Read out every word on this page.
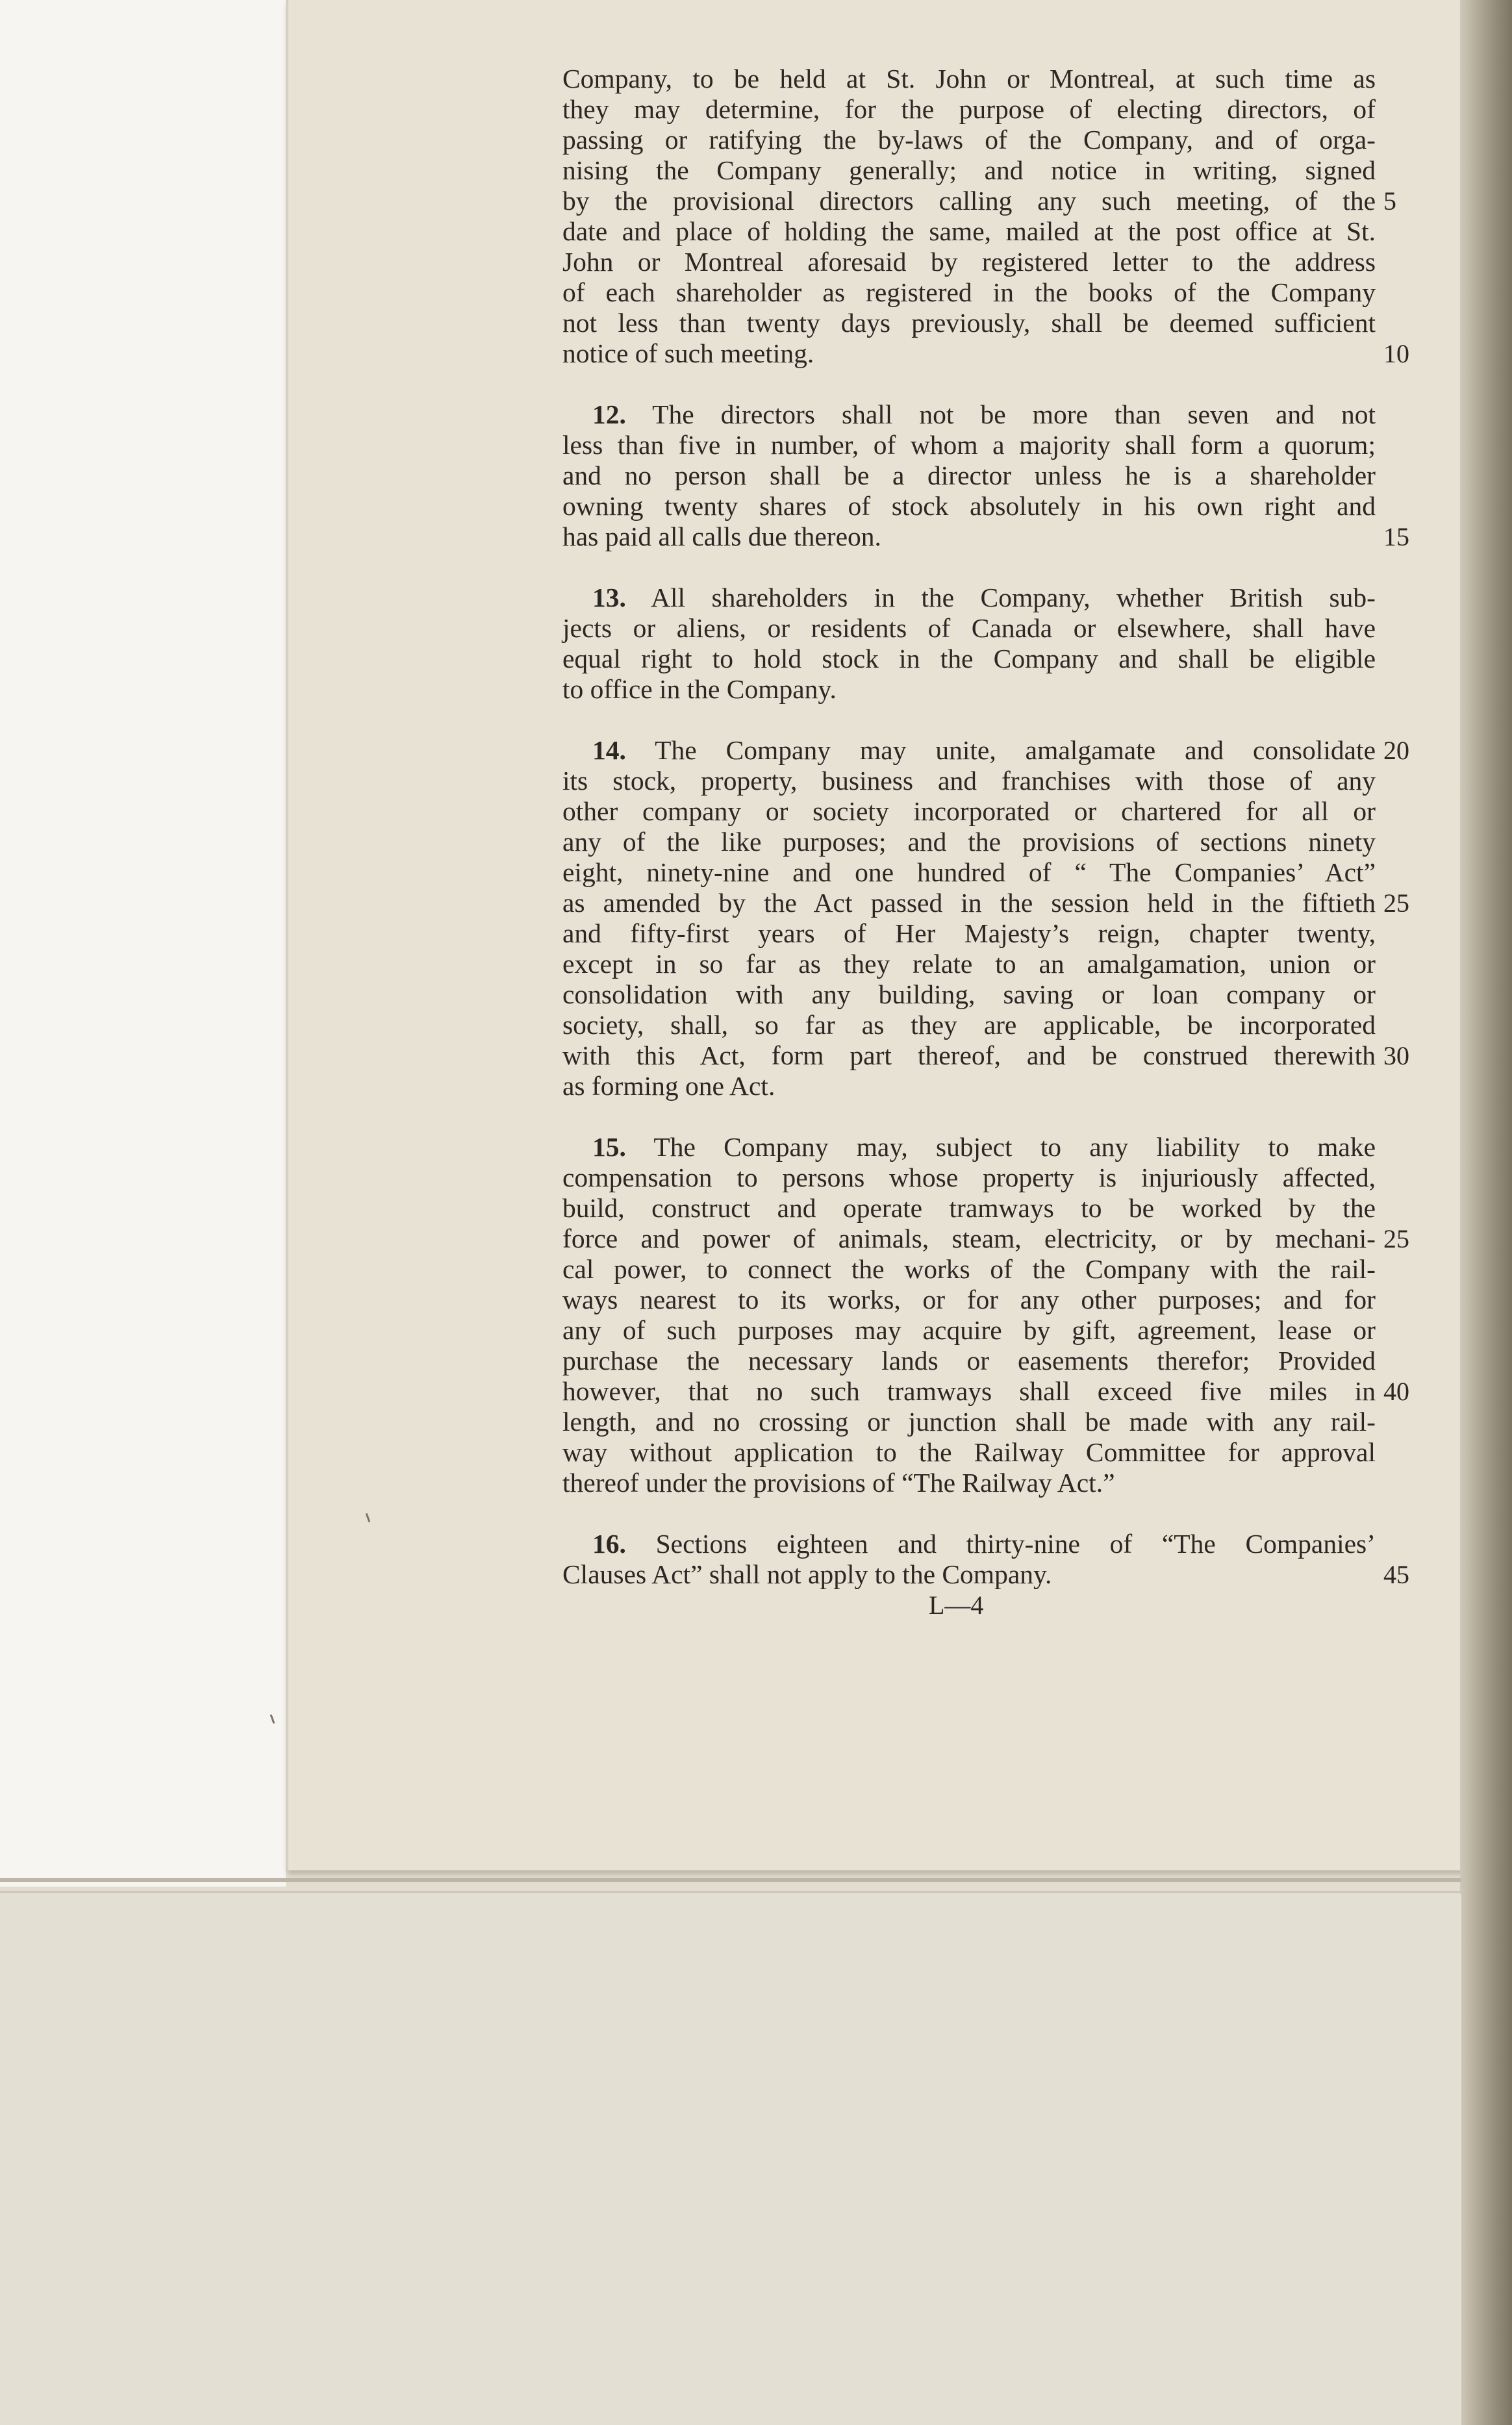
Company, to be held at St. John or Montreal, at such time as
they may determine, for the purpose of electing directors, of
passing or ratifying the by-laws of the Company, and of orga-
nising the Company generally; and notice in writing, signed
by the provisional directors calling any such meeting, of the
date and place of holding the same, mailed at the post office at St.
John or Montreal aforesaid by registered letter to the address
of each shareholder as registered in the books of the Company
not less than twenty days previously, shall be deemed sufficient
notice of such meeting.
12. The directors shall not be more than seven and not
less than five in number, of whom a majority shall form a quorum;
and no person shall be a director unless he is a shareholder
owning twenty shares of stock absolutely in his own right and
has paid all calls due thereon.
13. All shareholders in the Company, whether British sub-
jects or aliens, or residents of Canada or elsewhere, shall have
equal right to hold stock in the Company and shall be eligible
to office in the Company.
14. The Company may unite, amalgamate and consolidate
its stock, property, business and franchises with those of any
other company or society incorporated or chartered for all or
any of the like purposes; and the provisions of sections ninety
eight, ninety-nine and one hundred of “ The Companies’ Act”
as amended by the Act passed in the session held in the fiftieth
and fifty-first years of Her Majesty’s reign, chapter twenty,
except in so far as they relate to an amalgamation, union or
consolidation with any building, saving or loan company or
society, shall, so far as they are applicable, be incorporated
with this Act, form part thereof, and be construed therewith
as forming one Act.
15. The Company may, subject to any liability to make
compensation to persons whose property is injuriously affected,
build, construct and operate tramways to be worked by the
force and power of animals, steam, electricity, or by mechani-
cal power, to connect the works of the Company with the rail-
ways nearest to its works, or for any other purposes; and for
any of such purposes may acquire by gift, agreement, lease or
purchase the necessary lands or easements therefor; Provided
however, that no such tramways shall exceed five miles in
length, and no crossing or junction shall be made with any rail-
way without application to the Railway Committee for approval
thereof under the provisions of “The Railway Act.”
16. Sections eighteen and thirty-nine of “The Companies’
Clauses Act” shall not apply to the Company.
5
10
15
20
25
25
30
40
45
L—4
